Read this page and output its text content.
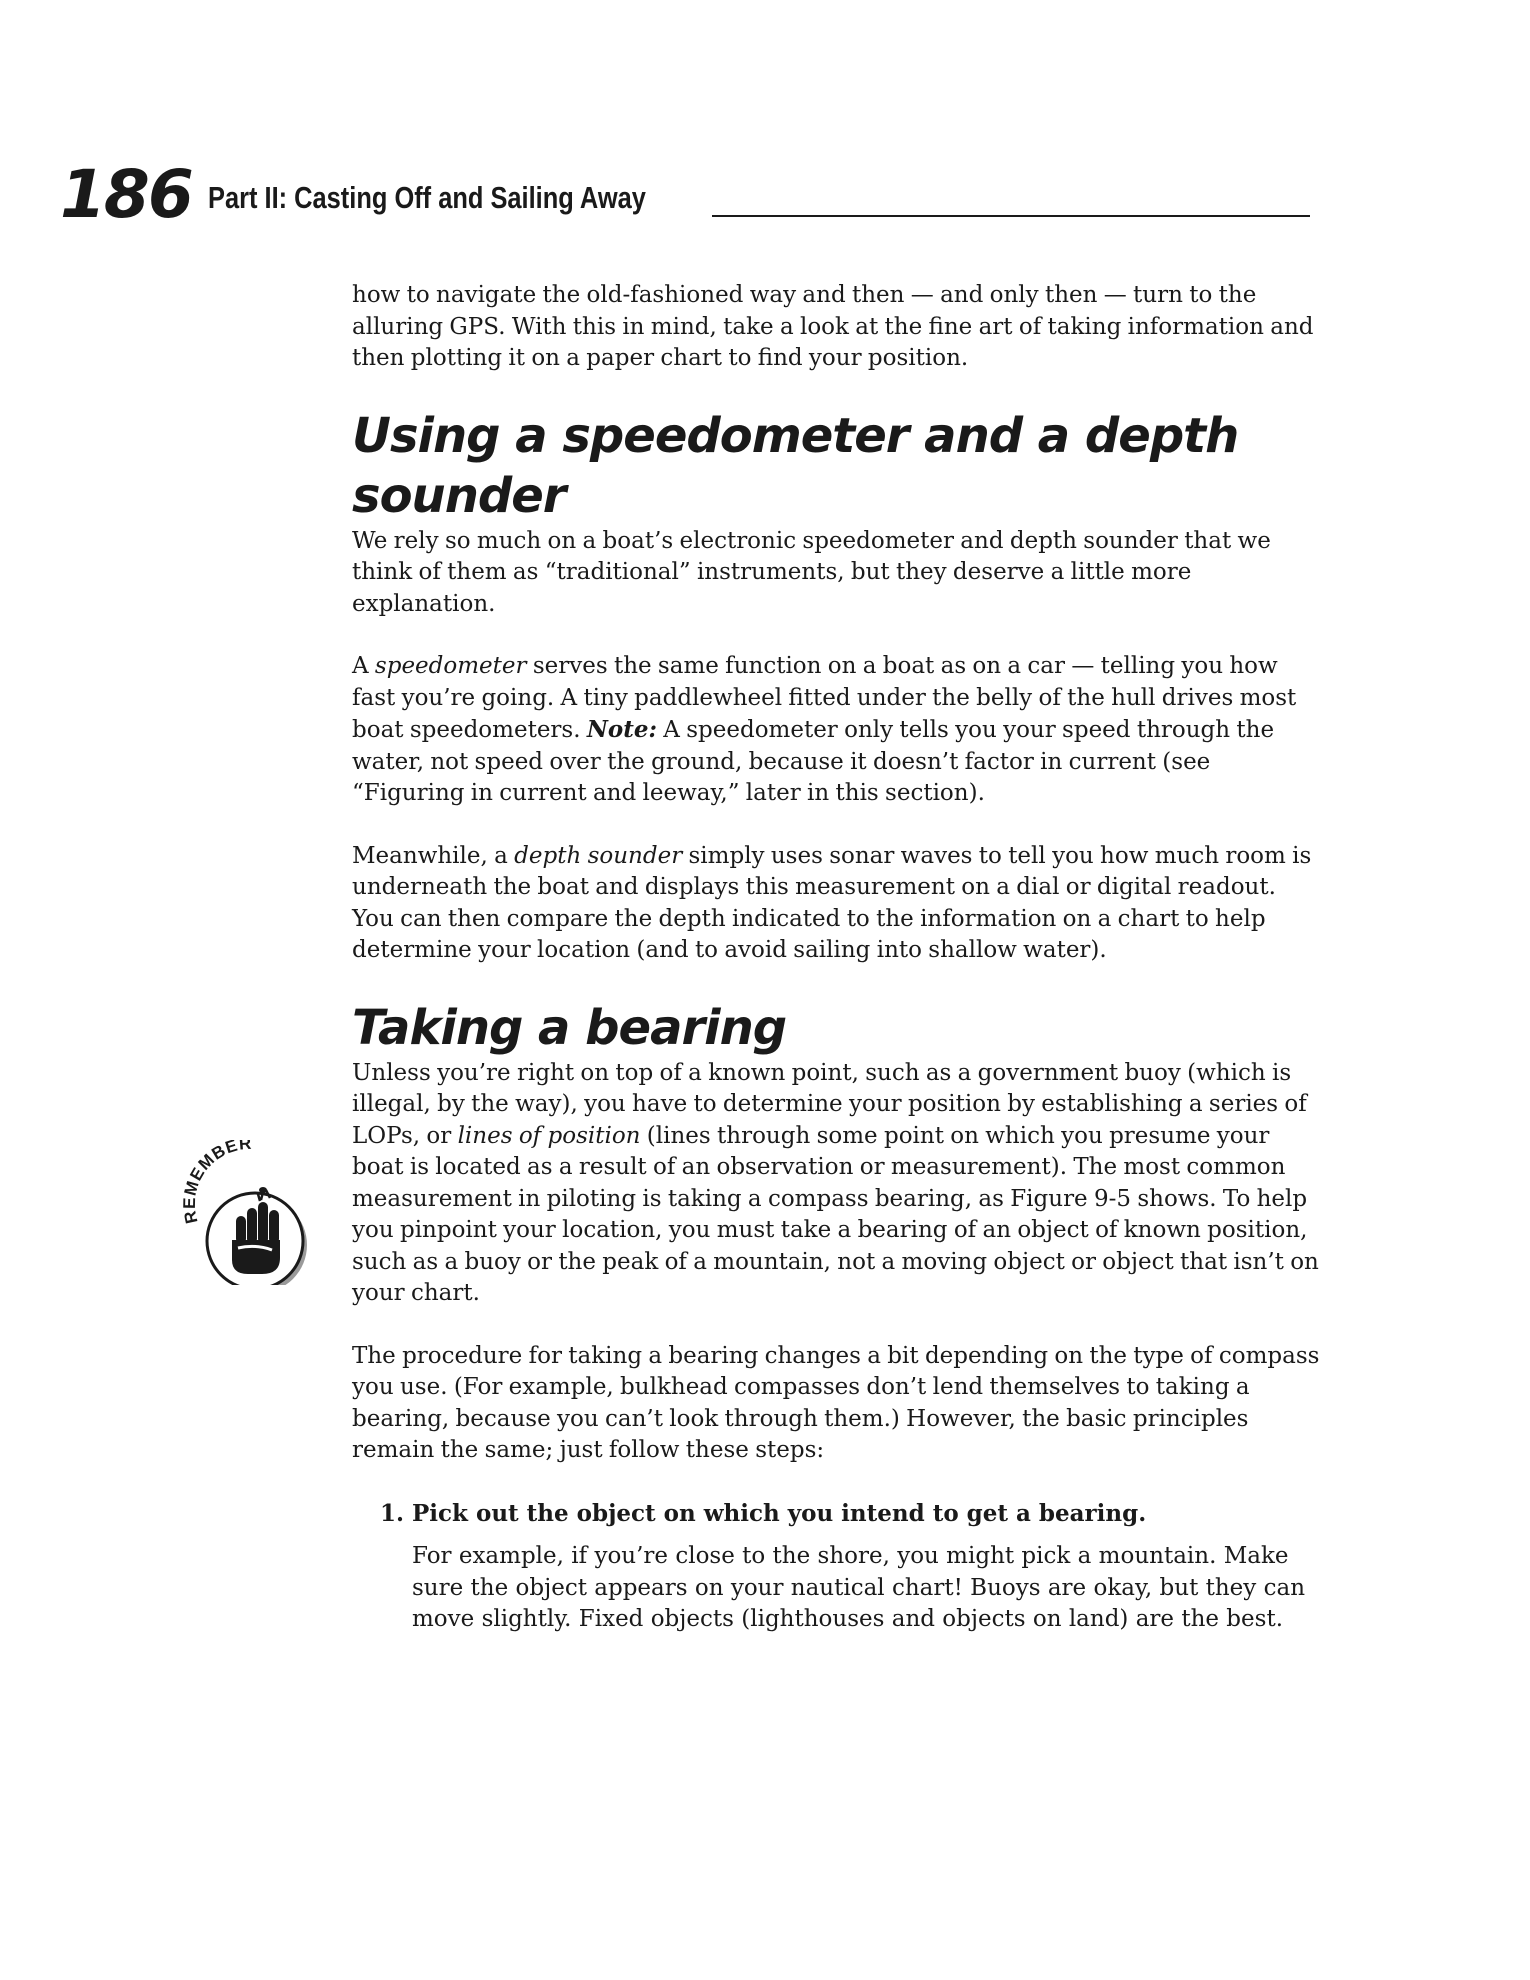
186 Part II: Casting Off and Sailing Away
REMEMBER

how to navigate the old-fashioned way and then — and only then — turn to the alluring GPS. With this in mind, take a look at the fine art of taking information and then plotting it on a paper chart to find your position.

Using a speedometer and a depth sounder

We rely so much on a boat’s electronic speedometer and depth sounder that we think of them as “traditional” instruments, but they deserve a little more explanation.

A speedometer serves the same function on a boat as on a car — telling you how fast you’re going. A tiny paddlewheel fitted under the belly of the hull drives most boat speedometers. Note: A speedometer only tells you your speed through the water, not speed over the ground, because it doesn’t factor in current (see “Figuring in current and leeway,” later in this section).

Meanwhile, a depth sounder simply uses sonar waves to tell you how much room is underneath the boat and displays this measurement on a dial or digital readout. You can then compare the depth indicated to the information on a chart to help determine your location (and to avoid sailing into shallow water).

Taking a bearing

Unless you’re right on top of a known point, such as a government buoy (which is illegal, by the way), you have to determine your position by establishing a series of LOPs, or lines of position (lines through some point on which you presume your boat is located as a result of an observation or measurement). The most common measurement in piloting is taking a compass bearing, as Figure 9-5 shows. To help you pinpoint your location, you must take a bearing of an object of known position, such as a buoy or the peak of a mountain, not a moving object or object that isn’t on your chart.

The procedure for taking a bearing changes a bit depending on the type of compass you use. (For example, bulkhead compasses don’t lend themselves to taking a bearing, because you can’t look through them.) However, the basic principles remain the same; just follow these steps:

1. Pick out the object on which you intend to get a bearing.

For example, if you’re close to the shore, you might pick a mountain. Make sure the object appears on your nautical chart! Buoys are okay, but they can move slightly. Fixed objects (lighthouses and objects on land) are the best.
